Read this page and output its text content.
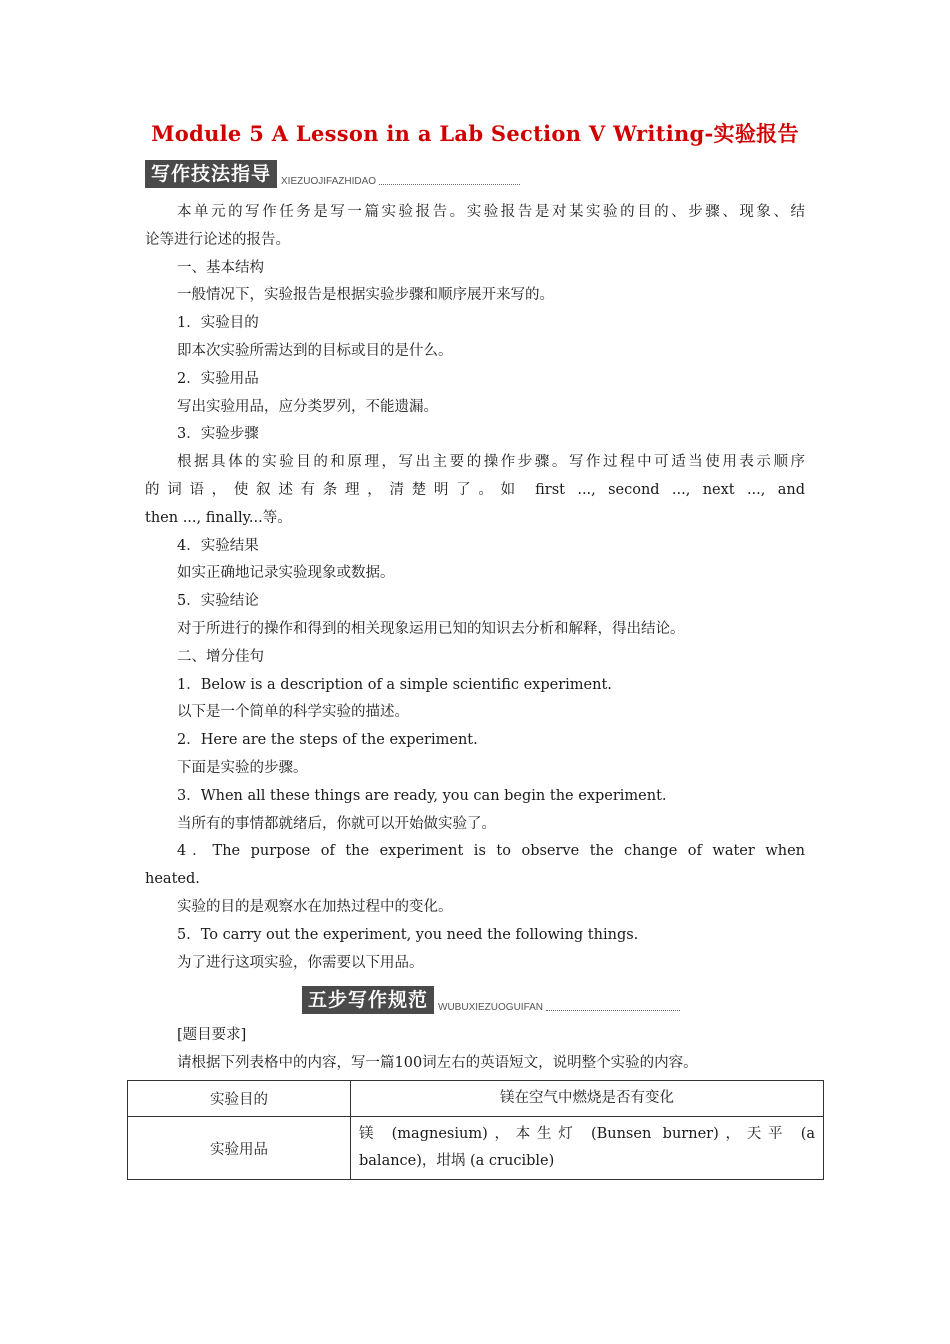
Module 5 A Lesson in a Lab Section Ⅴ Writing-实验报告
写作技法指导	XIEZUOJIFAZHIDAO
本单元的写作任务是写一篇实验报告。实验报告是对某实验的目的、步骤、现象、结
论等进行论述的报告。
一、基本结构
一般情况下，实验报告是根据实验步骤和顺序展开来写的。
1．实验目的
即本次实验所需达到的目标或目的是什么。
2．实验用品
写出实验用品，应分类罗列，不能遗漏。
3．实验步骤
根据具体的实验目的和原理，写出主要的操作步骤。写作过程中可适当使用表示顺序
的词语，使叙述有条理，清楚明了。如 first ..., second ..., next ..., and
then ..., finally...等。
4．实验结果
如实正确地记录实验现象或数据。
5．实验结论
对于所进行的操作和得到的相关现象运用已知的知识去分析和解释，得出结论。
二、增分佳句
1．Below is a description of a simple scientific experiment.
以下是一个简单的科学实验的描述。
2．Here are the steps of the experiment.
下面是实验的步骤。
3．When all these things are ready, you can begin the experiment.
当所有的事情都就绪后，你就可以开始做实验了。
4．The purpose of the experiment is to observe the change of water when
heated.
实验的目的是观察水在加热过程中的变化。
5．To carry out the experiment, you need the following things.
为了进行这项实验，你需要以下用品。
五步写作规范	WUBUXIEZUOGUIFAN
[题目要求]
请根据下列表格中的内容，写一篇100词左右的英语短文，说明整个实验的内容。
实验目的	镁在空气中燃烧是否有变化
实验用品	镁 (magnesium)，本生灯 (Bunsen burner)，天平 (a
balance)，坩埚 (a crucible)
